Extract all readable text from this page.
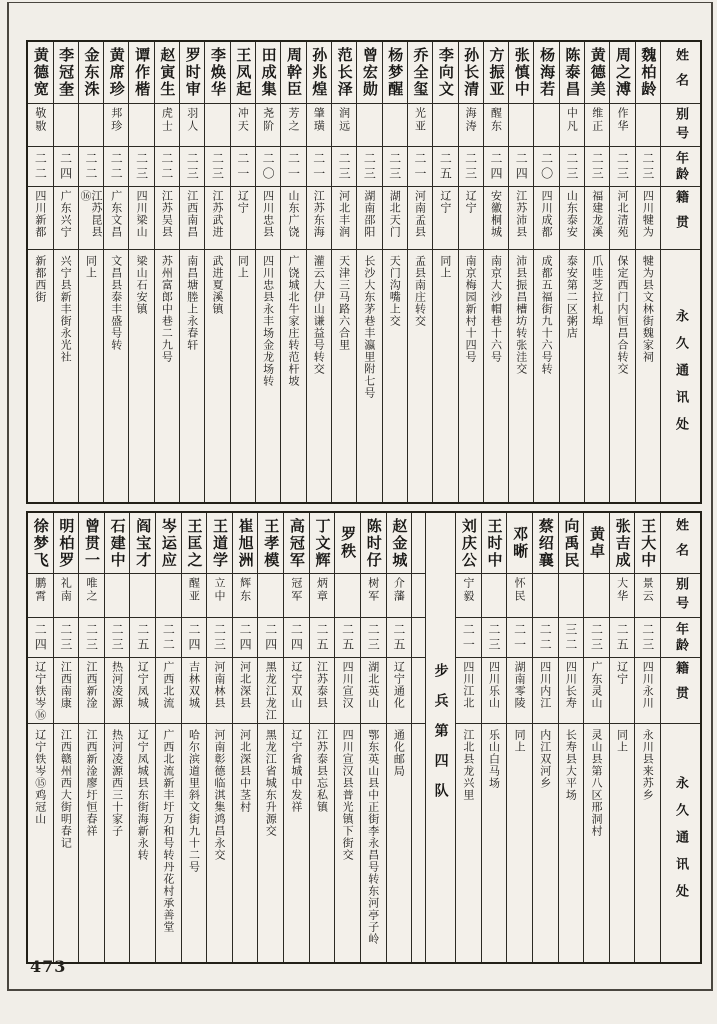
姓名
别号
年龄
籍贯
永久通讯处
魏柏龄
二三
四川犍为
犍为县文林街魏家祠
周之溥
作华
二三
河北清苑
保定西门内恒昌合转交
黄德美
维正
二三
福建龙溪
爪哇芝拉札埠
陈泰昌
中凡
二三
山东泰安
泰安第二区粥店
杨海若
二〇
四川成都
成都五福街九十六号转
张慎中
二四
江苏沛县
沛县振昌槽坊转张洼交
方振亚
醒东
二四
安徽桐城
南京大沙帽巷十六号
孙长清
海涛
二三
辽宁
南京梅园新村十四号
李向文
二五
辽宁
同上
乔全玺
光亚
二一
河南孟县
孟县南庄转交
杨梦醒
二三
湖北天门
天门沟嘴上交
曾宏勋
二三
湖南邵阳
长沙大东茅巷丰瀛里附七号
范长泽
润远
二三
河北丰润
天津三马路六合里
孙兆煌
肇璜
二一
江苏东海
灌云大伊山谦益号转交
周幹臣
芳之
二一
山东广饶
广饶城北牛家庄转范杆坡
田成集
尧阶
二〇
四川忠县
四川忠县永丰场金龙场转
王凤起
冲天
二一
辽宁
同上
李焕华
二三
江苏武进
武进夏溪镇
罗时审
羽人
二三
江西南昌
南昌塘塍上永春轩
赵寅生
虎士
二二
江苏吴县
苏州富郎中巷二九号
谭作楷
二三
四川梁山
梁山石安镇
黄席珍
邦珍
二二
广东文昌
文昌县泰丰盛号转
金东洙
二二
江苏昆县⑯
同上
李冠奎
二四
广东兴宁
兴宁县新丰街永光社
黄德宽
敬敭
二二
四川新都
新都西街
姓名
别号
年龄
籍贯
永久通讯处
王大中
景云
二三
四川永川
永川县来苏乡
张吉成
大华
二五
辽宁
同上
黄卓
二三
广东灵山
灵山县第八区邢洞村
向禹民
三二
四川长寿
长寿县大平场
蔡绍襄
二二
四川内江
内江双河乡
邓晰
怀民
二一
湖南零陵
同上
王时中
二三
四川乐山
乐山白马场
刘庆公
宁毅
二一
四川江北
江北县龙兴里
步兵第四队
赵金城
介藩
二五
辽宁通化
通化邮局
陈时仔
树军
二三
湖北英山
鄂东英山县中正街李永昌号转东河亭子岭
罗秩
二五
四川宣汉
四川宣汉县普光镇下街交
丁文辉
炳章
二五
江苏泰县
江苏泰县忘私镇
高冠军
冠军
二四
辽宁双山
辽宁省城中发祥
王孝模
二四
黑龙江龙江
黑龙江省城东升源交
崔旭洲
辉东
二四
河北深县
河北深县中茎村
王道学
立中
二三
河南林县
河南彰德临淇集鸿昌永交
王匡之
醒亚
二四
吉林双城
哈尔滨道里斜文街九十二号
岑运应
二二
广西北流
广西北流新丰圩万和号转丹花村承善堂
阎宝才
二五
辽宁凤城
辽宁凤城县东街海新永转
石建中
二三
热河凌源
热河凌源西三十家子
曾贯一
唯之
二三
江西新淦
江西新淦廖圩恒春祥
明柏罗
礼南
二三
江西南康
江西赣州西大街明春记
徐梦飞
鹏霄
二四
辽宁铁岑⑯
辽宁铁岑⑮鸡冠山
473
